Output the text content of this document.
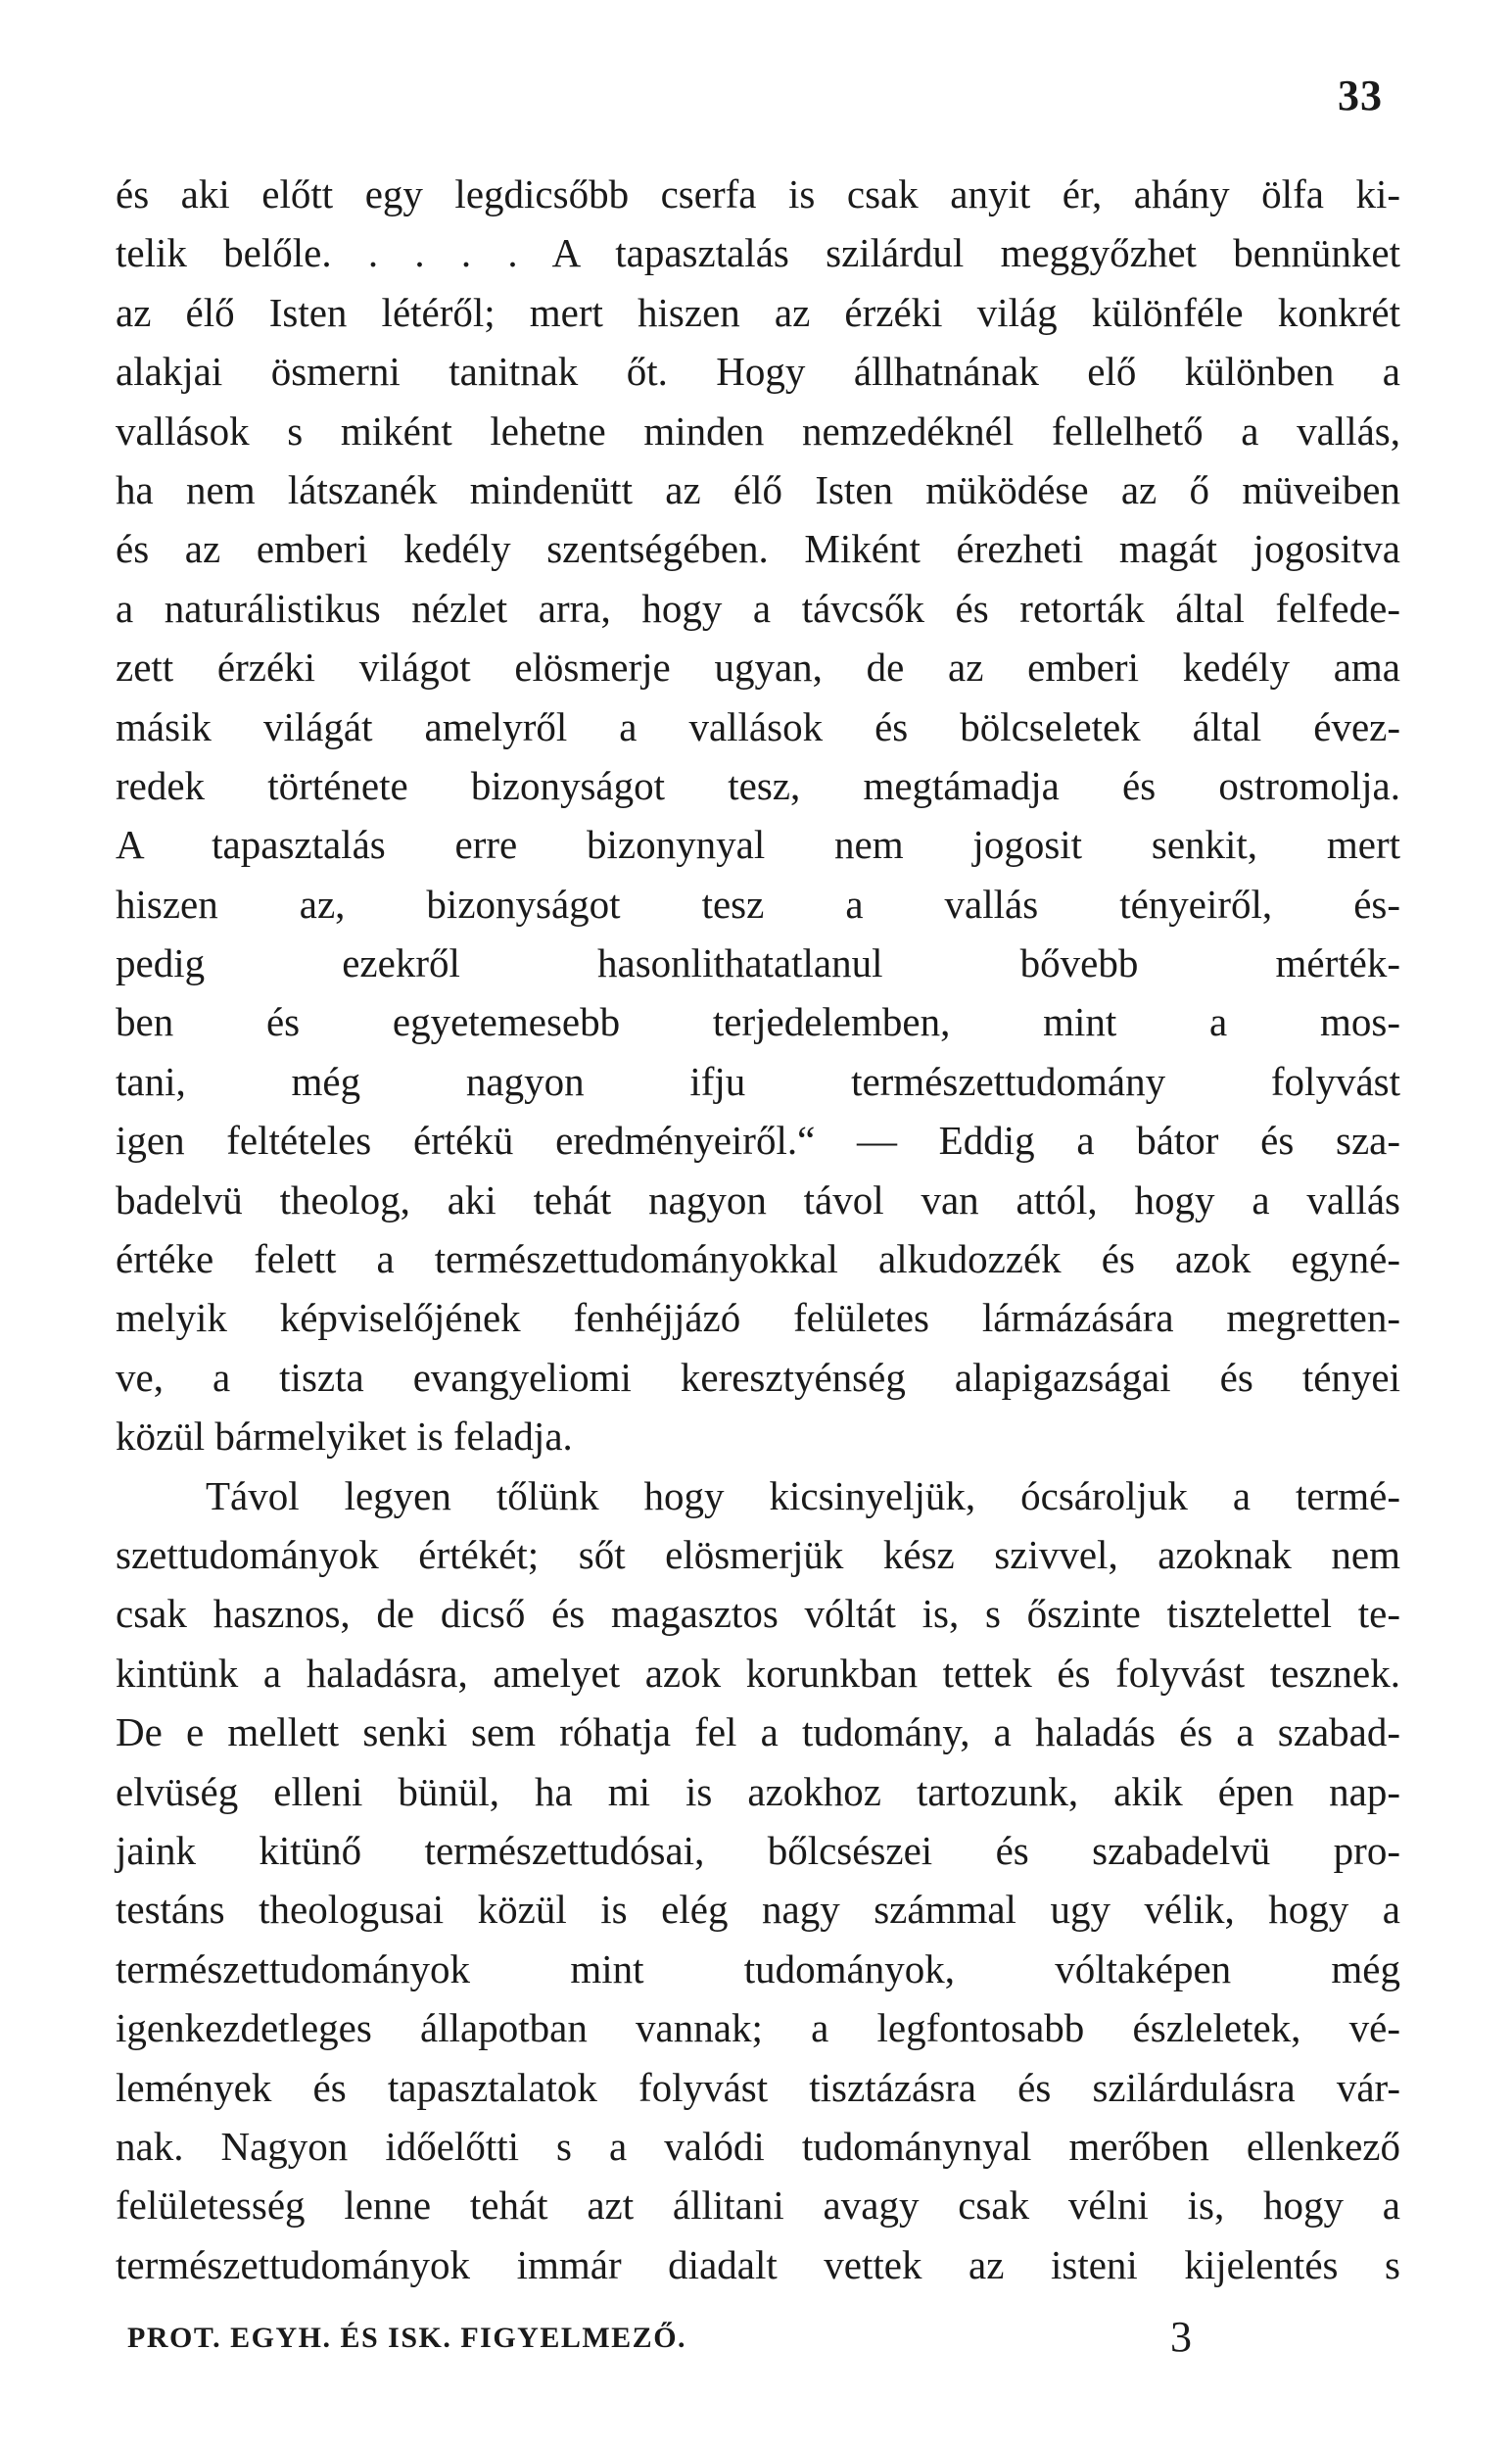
33
és aki előtt egy legdicsőbb cserfa is csak anyit ér, ahány ölfa ki-
telik belőle. . . . . A tapasztalás szilárdul meggyőzhet bennünket
az élő Isten létéről; mert hiszen az érzéki világ különféle konkrét
alakjai ösmerni tanitnak őt. Hogy állhatnának elő különben a
vallások s miként lehetne minden nemzedéknél fellelhető a vallás,
ha nem látszanék mindenütt az élő Isten müködése az ő müveiben
és az emberi kedély szentségében. Miként érezheti magát jogositva
a naturálistikus nézlet arra, hogy a távcsők és retorták által felfede-
zett érzéki világot elösmerje ugyan, de az emberi kedély ama
másik világát amelyről a vallások és bölcseletek által évez-
redek története bizonyságot tesz, megtámadja és ostromolja.
A tapasztalás erre bizonynyal nem jogosit senkit, mert
hiszen az, bizonyságot tesz a vallás tényeiről, és-
pedig ezekről hasonlithatatlanul bővebb mérték-
ben és egyetemesebb terjedelemben, mint a mos-
tani, még nagyon ifju természettudomány folyvást
igen feltételes értékü eredményeiről.“ — Eddig a bátor és sza-
badelvü theolog, aki tehát nagyon távol van attól, hogy a vallás
értéke felett a természettudományokkal alkudozzék és azok egyné-
melyik képviselőjének fenhéjjázó felületes lármázására megretten-
ve, a tiszta evangyeliomi keresztyénség alapigazságai és tényei
közül bármelyiket is feladja.
Távol legyen tőlünk hogy kicsinyeljük, ócsároljuk a termé-
szettudományok értékét; sőt elösmerjük kész szivvel, azoknak nem
csak hasznos, de dicső és magasztos vóltát is, s őszinte tisztelettel te-
kintünk a haladásra, amelyet azok korunkban tettek és folyvást tesznek.
De e mellett senki sem róhatja fel a tudomány, a haladás és a szabad-
elvüség elleni bünül, ha mi is azokhoz tartozunk, akik épen nap-
jaink kitünő természettudósai, bőlcsészei és szabadelvü pro-
testáns theologusai közül is elég nagy számmal ugy vélik, hogy a
természettudományok mint tudományok, vóltaképen még
igenkezdetleges állapotban vannak; a legfontosabb észleletek, vé-
lemények és tapasztalatok folyvást tisztázásra és szilárdulásra vár-
nak. Nagyon időelőtti s a valódi tudománynyal merőben ellenkező
felületesség lenne tehát azt állitani avagy csak vélni is, hogy a
természettudományok immár diadalt vettek az isteni kijelentés s
PROT. EGYH. ÉS ISK. FIGYELMEZŐ.	3
